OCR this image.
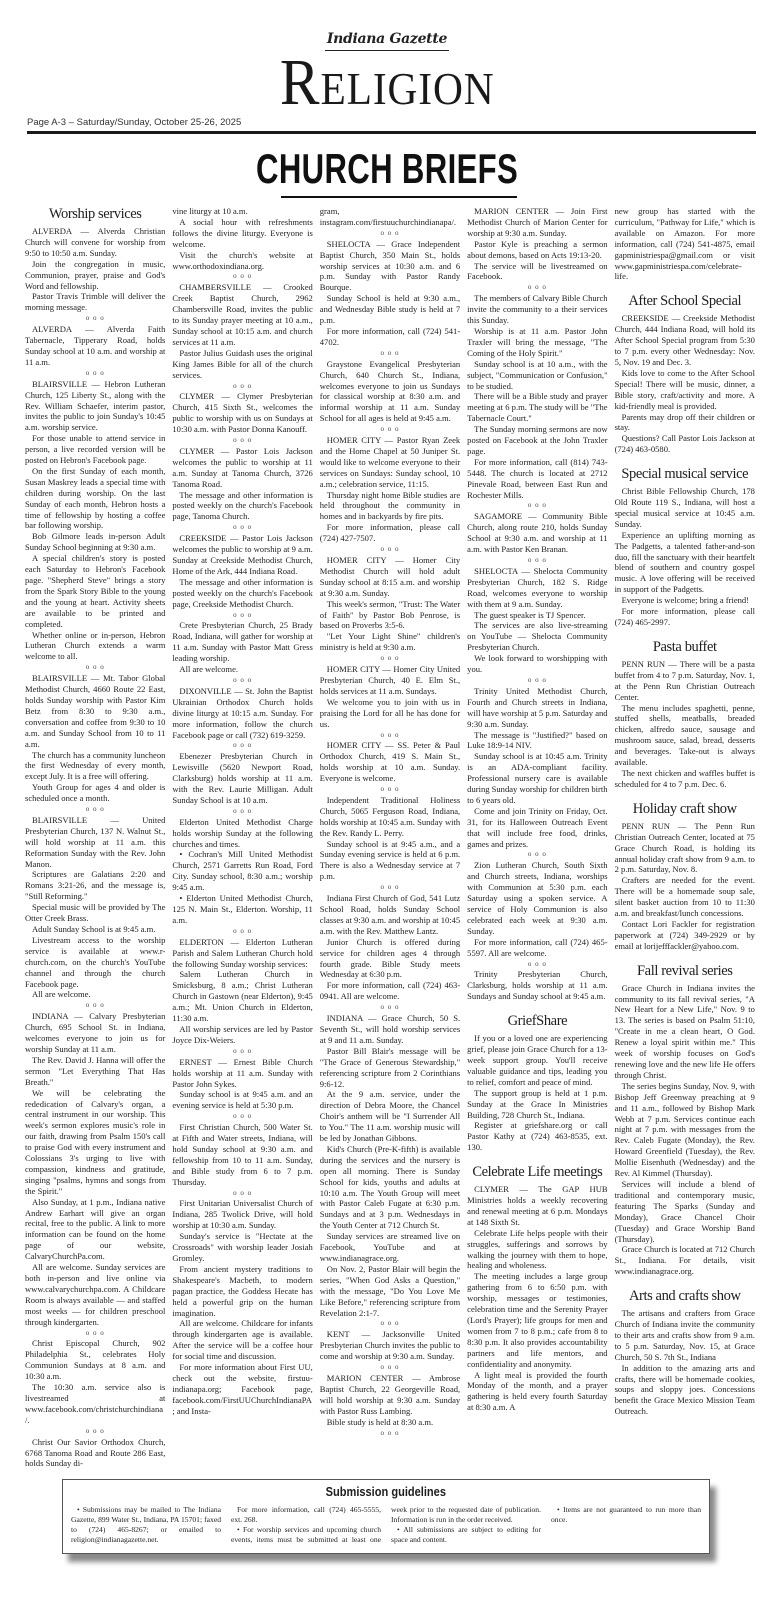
Indiana Gazette
Religion
Page A-3 – Saturday/Sunday, October 25-26, 2025
CHURCH BRIEFS
Worship services

ALVERDA — Alverda Christian Church will convene for worship from 9:50 to 10:50 a.m. Sunday.

Join the congregation in music, Communion, prayer, praise and God's Word and fellowship.

Pastor Travis Trimble will deliver the morning message.

o o o

ALVERDA — Alverda Faith Tabernacle, Tipperary Road, holds Sunday school at 10 a.m. and worship at 11 a.m.

o o o

BLAIRSVILLE — Hebron Lutheran Church, 125 Liberty St., along with the Rev. William Schaefer, interim pastor, invites the public to join Sunday's 10:45 a.m. worship service.

For those unable to attend service in person, a live recorded version will be posted on Hebron's Facebook page.

On the first Sunday of each month, Susan Maskrey leads a special time with children during worship. On the last Sunday of each month, Hebron hosts a time of fellowship by hosting a coffee bar following worship.

Bob Gilmore leads in-person Adult Sunday School beginning at 9:30 a.m.

A special children's story is posted each Saturday to Hebron's Facebook page. "Shepherd Steve" brings a story from the Spark Story Bible to the young and the young at heart. Activity sheets are available to be printed and completed.

Whether online or in-person, Hebron Lutheran Church extends a warm welcome to all.

o o o

BLAIRSVILLE — Mt. Tabor Global Methodist Church, 4660 Route 22 East, holds Sunday worship with Pastor Kim Betz from 8:30 to 9:30 a.m., conversation and coffee from 9:30 to 10 a.m. and Sunday School from 10 to 11 a.m.

The church has a community luncheon the first Wednesday of every month, except July. It is a free will offering.

Youth Group for ages 4 and older is scheduled once a month.

o o o

BLAIRSVILLE — United Presbyterian Church, 137 N. Walnut St., will hold worship at 11 a.m. this Reformation Sunday with the Rev. John Manon.

Scriptures are Galatians 2:20 and Romans 3:21-26, and the message is, "Still Reforming."

Special music will be provided by The Otter Creek Brass.

Adult Sunday School is at 9:45 a.m.

Livestream access to the worship service is available at www.r-church.com, on the church's YouTube channel and through the church Facebook page.

All are welcome.

o o o

INDIANA — Calvary Presbyterian Church, 695 School St. in Indiana, welcomes everyone to join us for worship Sunday at 11 a.m.

The Rev. David J. Hanna will offer the sermon "Let Everything That Has Breath."

We will be celebrating the rededication of Calvary's organ, a central instrument in our worship. This week's sermon explores music's role in our faith, drawing from Psalm 150's call to praise God with every instrument and Colossians 3's urging to live with compassion, kindness and gratitude, singing "psalms, hymns and songs from the Spirit."

Also Sunday, at 1 p.m., Indiana native Andrew Earhart will give an organ recital, free to the public. A link to more information can be found on the home page of our website, CalvaryChurchPa.com.

All are welcome. Sunday services are both in-person and live online via www.calvarychurchpa.com. A Childcare Room is always available — and staffed most weeks — for children preschool through kindergarten.

o o o

Christ Episcopal Church, 902 Philadelphia St., celebrates Holy Communion Sundays at 8 a.m. and 10:30 a.m.

The 10:30 a.m. service also is livestreamed at www.facebook.com/christchurchindiana/.

o o o

Christ Our Savior Orthodox Church, 6768 Tanoma Road and Route 286 East, holds Sunday di-

vine liturgy at 10 a.m.

A social hour with refreshments follows the divine liturgy. Everyone is welcome.

Visit the church's website at www.orthodoxindiana.org.

o o o

CHAMBERSVILLE — Crooked Creek Baptist Church, 2962 Chambersville Road, invites the public to its Sunday prayer meeting at 10 a.m., Sunday school at 10:15 a.m. and church services at 11 a.m.

Pastor Julius Guidash uses the original King James Bible for all of the church services.

o o o

CLYMER — Clymer Presbyterian Church, 415 Sixth St., welcomes the public to worship with us on Sundays at 10:30 a.m. with Pastor Donna Kanouff.

o o o

CLYMER — Pastor Lois Jackson welcomes the public to worship at 11 a.m. Sunday at Tanoma Church, 3726 Tanoma Road.

The message and other information is posted weekly on the church's Facebook page, Tanoma Church.

o o o

CREEKSIDE — Pastor Lois Jackson welcomes the public to worship at 9 a.m. Sunday at Creekside Methodist Church, Home of the Ark, 444 Indiana Road.

The message and other information is posted weekly on the church's Facebook page, Creekside Methodist Church.

o o o

Crete Presbyterian Church, 25 Brady Road, Indiana, will gather for worship at 11 a.m. Sunday with Pastor Matt Gress leading worship.

All are welcome.

o o o

DIXONVILLE — St. John the Baptist Ukrainian Orthodox Church holds divine liturgy at 10:15 a.m. Sunday. For more information, follow the church Facebook page or call (732) 619-3259.

o o o

Ebenezer Presbyterian Church in Lewisville (5620 Newport Road, Clarksburg) holds worship at 11 a.m. with the Rev. Laurie Milligan. Adult Sunday School is at 10 a.m.

o o o

Elderton United Methodist Charge holds worship Sunday at the following churches and times.

• Cochran's Mill United Methodist Church, 2571 Garretts Run Road, Ford City. Sunday school, 8:30 a.m.; worship 9:45 a.m.

• Elderton United Methodist Church, 125 N. Main St., Elderton. Worship, 11 a.m.

o o o

ELDERTON — Elderton Lutheran Parish and Salem Lutheran Church hold the following Sunday worship services:

Salem Lutheran Church in Smicksburg, 8 a.m.; Christ Lutheran Church in Gastown (near Elderton), 9:45 a.m.; Mt. Union Church in Elderton, 11:30 a.m.

All worship services are led by Pastor Joyce Dix-Weiers.

o o o

ERNEST — Ernest Bible Church holds worship at 11 a.m. Sunday with Pastor John Sykes.

Sunday school is at 9:45 a.m. and an evening service is held at 5:30 p.m.

o o o

First Christian Church, 500 Water St. at Fifth and Water streets, Indiana, will hold Sunday school at 9:30 a.m. and fellowship from 10 to 11 a.m. Sunday, and Bible study from 6 to 7 p.m. Thursday.

o o o

First Unitarian Universalist Church of Indiana, 285 Twolick Drive, will hold worship at 10:30 a.m. Sunday.

Sunday's service is "Hectate at the Crossroads" with worship leader Josiah Gromley.

From ancient mystery traditions to Shakespeare's Macbeth, to modern pagan practice, the Goddess Hecate has held a powerful grip on the human imagination.

All are welcome. Childcare for infants through kindergarten age is available. After the service will be a coffee hour for social time and discussion.

For more information about First UU, check out the website, firstuu-indianapa.org; Facebook page, facebook.com/FirstUUChurchIndianaPA; and Insta-

gram, instagram.com/firstuuchurchindianapa/.

o o o

SHELOCTA — Grace Independent Baptist Church, 350 Main St., holds worship services at 10:30 a.m. and 6 p.m. Sunday with Pastor Randy Bourque.

Sunday School is held at 9:30 a.m., and Wednesday Bible study is held at 7 p.m.

For more information, call (724) 541-4702.

o o o

Graystone Evangelical Presbyterian Church, 640 Church St., Indiana, welcomes everyone to join us Sundays for classical worship at 8:30 a.m. and informal worship at 11 a.m. Sunday School for all ages is held at 9:45 a.m.

o o o

HOMER CITY — Pastor Ryan Zeek and the Home Chapel at 50 Juniper St. would like to welcome everyone to their services on Sundays: Sunday school, 10 a.m.; celebration service, 11:15.

Thursday night home Bible studies are held throughout the community in homes and in backyards by fire pits.

For more information, please call (724) 427-7507.

o o o

HOMER CITY — Homer City Methodist Church will hold adult Sunday school at 8:15 a.m. and worship at 9:30 a.m. Sunday.

This week's sermon, "Trust: The Water of Faith" by Pastor Bob Penrose, is based on Proverbs 3:5-6.

"Let Your Light Shine" children's ministry is held at 9:30 a.m.

o o o

HOMER CITY — Homer City United Presbyterian Church, 40 E. Elm St., holds services at 11 a.m. Sundays.

We welcome you to join with us in praising the Lord for all he has done for us.

o o o

HOMER CITY — SS. Peter & Paul Orthodox Church, 419 S. Main St., holds worship at 10 a.m. Sunday. Everyone is welcome.

o o o

Independent Traditional Holiness Church, 5065 Ferguson Road, Indiana, holds worship at 10:45 a.m. Sunday with the Rev. Randy L. Perry.

Sunday school is at 9:45 a.m., and a Sunday evening service is held at 6 p.m. There is also a Wednesday service at 7 p.m.

o o o

Indiana First Church of God, 541 Lutz School Road, holds Sunday School classes at 9:30 a.m. and worship at 10:45 a.m. with the Rev. Matthew Lantz.

Junior Church is offered during service for children ages 4 through fourth grade. Bible Study meets Wednesday at 6:30 p.m.

For more information, call (724) 463-0941. All are welcome.

o o o

INDIANA — Grace Church, 50 S. Seventh St., will hold worship services at 9 and 11 a.m. Sunday.

Pastor Bill Blair's message will be "The Grace of Generous Stewardship," referencing scripture from 2 Corinthians 9:6-12.

At the 9 a.m. service, under the direction of Debra Moore, the Chancel Choir's anthem will be "I Surrender All to You." The 11 a.m. worship music will be led by Jonathan Gibbons.

Kid's Church (Pre-K-fifth) is available during the services and the nursery is open all morning. There is Sunday School for kids, youths and adults at 10:10 a.m. The Youth Group will meet with Pastor Caleb Fugate at 6:30 p.m. Sundays and at 3 p.m. Wednesdays in the Youth Center at 712 Church St.

Sunday services are streamed live on Facebook, YouTube and at www.indianagrace.org.

On Nov. 2, Pastor Blair will begin the series, "When God Asks a Question," with the message, "Do You Love Me Like Before," referencing scripture from Revelation 2:1-7.

o o o

KENT — Jacksonville United Presbyterian Church invites the public to come and worship at 9:30 a.m. Sunday.

o o o

MARION CENTER — Ambrose Baptist Church, 22 Georgeville Road, will hold worship at 9:30 a.m. Sunday with Pastor Russ Lambing.

Bible study is held at 8:30 a.m.

o o o

MARION CENTER — Join First Methodist Church of Marion Center for worship at 9:30 a.m. Sunday.

Pastor Kyle is preaching a sermon about demons, based on Acts 19:13-20.

The service will be livestreamed on Facebook.

o o o

The members of Calvary Bible Church invite the community to a their services this Sunday.

Worship is at 11 a.m. Pastor John Traxler will bring the message, "The Coming of the Holy Spirit."

Sunday school is at 10 a.m., with the subject, "Communication or Confusion," to be studied.

There will be a Bible study and prayer meeting at 6 p.m. The study will be "The Tabernacle Court."

The Sunday morning sermons are now posted on Facebook at the John Traxler page.

For more information, call (814) 743-5448. The church is located at 2712 Pinevale Road, between East Run and Rochester Mills.

o o o

SAGAMORE — Community Bible Church, along route 210, holds Sunday School at 9:30 a.m. and worship at 11 a.m. with Pastor Ken Branan.

o o o

SHELOCTA — Shelocta Community Presbyterian Church, 182 S. Ridge Road, welcomes everyone to worship with them at 9 a.m. Sunday.

The guest speaker is TJ Spencer.

The services are also live-streaming on YouTube — Shelocta Community Presbyterian Church.

We look forward to worshipping with you.

o o o

Trinity United Methodist Church, Fourth and Church streets in Indiana, will have worship at 5 p.m. Saturday and 9:30 a.m. Sunday.

The message is "Justified?" based on Luke 18:9-14 NIV.

Sunday school is at 10:45 a.m. Trinity is an ADA-compliant facility. Professional nursery care is available during Sunday worship for children birth to 6 years old.

Come and join Trinity on Friday, Oct. 31, for its Halloween Outreach Event that will include free food, drinks, games and prizes.

o o o

Zion Lutheran Church, South Sixth and Church streets, Indiana, worships with Communion at 5:30 p.m. each Saturday using a spoken service. A service of Holy Communion is also celebrated each week at 9:30 a.m. Sunday.

For more information, call (724) 465-5597. All are welcome.

o o o

Trinity Presbyterian Church, Clarksburg, holds worship at 11 a.m. Sundays and Sunday school at 9:45 a.m.

GriefShare

If you or a loved one are experiencing grief, please join Grace Church for a 13-week support group. You'll receive valuable guidance and tips, leading you to relief, comfort and peace of mind.

The support group is held at 1 p.m. Sunday at the Grace In Ministries Building, 728 Church St., Indiana.

Register at griefshare.org or call Pastor Kathy at (724) 463-8535, ext. 130.

Celebrate Life meetings

CLYMER — The GAP HUB Ministries holds a weekly recovering and renewal meeting at 6 p.m. Mondays at 148 Sixth St.

Celebrate Life helps people with their struggles, sufferings and sorrows by walking the journey with them to hope, healing and wholeness.

The meeting includes a large group gathering from 6 to 6:50 p.m. with worship, messages or testimonies, celebration time and the Serenity Prayer (Lord's Prayer); life groups for men and women from 7 to 8 p.m.; cafe from 8 to 8:30 p.m. It also provides accountability partners and life mentors, and confidentiality and anonymity.

A light meal is provided the fourth Monday of the month, and a prayer gathering is held every fourth Saturday at 8:30 a.m. A

new group has started with the curriculum, "Pathway for Life," which is available on Amazon. For more information, call (724) 541-4875, email gapministriespa@gmail.com or visit www.gapministriespa.com/celebrate-life.

After School Special

CREEKSIDE — Creekside Methodist Church, 444 Indiana Road, will hold its After School Special program from 5:30 to 7 p.m. every other Wednesday: Nov. 5, Nov. 19 and Dec. 3.

Kids love to come to the After School Special! There will be music, dinner, a Bible story, craft/activity and more. A kid-friendly meal is provided.

Parents may drop off their children or stay.

Questions? Call Pastor Lois Jackson at (724) 463-0580.

Special musical service

Christ Bible Fellowship Church, 178 Old Route 119 S., Indiana, will host a special musical service at 10:45 a.m. Sunday.

Experience an uplifting morning as The Padgetts, a talented father-and-son duo, fill the sanctuary with their heartfelt blend of southern and country gospel music. A love offering will be received in support of the Padgetts.

Everyone is welcome; bring a friend!

For more information, please call (724) 465-2997.

Pasta buffet

PENN RUN — There will be a pasta buffet from 4 to 7 p.m. Saturday, Nov. 1, at the Penn Run Christian Outreach Center.

The menu includes spaghetti, penne, stuffed shells, meatballs, breaded chicken, alfredo sauce, sausage and mushroom sauce, salad, bread, desserts and beverages. Take-out is always available.

The next chicken and waffles buffet is scheduled for 4 to 7 p.m. Dec. 6.

Holiday craft show

PENN RUN — The Penn Run Christian Outreach Center, located at 75 Grace Church Road, is holding its annual holiday craft show from 9 a.m. to 2 p.m. Saturday, Nov. 8.

Crafters are needed for the event. There will be a homemade soup sale, silent basket auction from 10 to 11:30 a.m. and breakfast/lunch concessions.

Contact Lori Fackler for registration paperwork at (724) 349-2929 or by email at lorijefffackler@yahoo.com.

Fall revival series

Grace Church in Indiana invites the community to its fall revival series, "A New Heart for a New Life," Nov. 9 to 13. The series is based on Psalm 51:10, "Create in me a clean heart, O God. Renew a loyal spirit within me." This week of worship focuses on God's renewing love and the new life He offers through Christ.

The series begins Sunday, Nov. 9, with Bishop Jeff Greenway preaching at 9 and 11 a.m., followed by Bishop Mark Webb at 7 p.m. Services continue each night at 7 p.m. with messages from the Rev. Caleb Fugate (Monday), the Rev. Howard Greenfield (Tuesday), the Rev. Mollie Eisenhuth (Wednesday) and the Rev. Al Kimmel (Thursday).

Services will include a blend of traditional and contemporary music, featuring The Sparks (Sunday and Monday), Grace Chancel Choir (Tuesday) and Grace Worship Band (Thursday).

Grace Church is located at 712 Church St., Indiana. For details, visit www.indianagrace.org.

Arts and crafts show

The artisans and crafters from Grace Church of Indiana invite the community to their arts and crafts show from 9 a.m. to 5 p.m. Saturday, Nov. 15, at Grace Church, 50 S. 7th St., Indiana

In addition to the amazing arts and crafts, there will be homemade cookies, soups and sloppy joes. Concessions benefit the Grace Mexico Mission Team Outreach.

Submission guidelines

• Submissions may be mailed to The Indiana Gazette, 899 Water St., Indiana, PA 15701; faxed to (724) 465-8267; or emailed to religion@indianagazette.net.

For more information, call (724) 465-5555, ext. 268.

• For worship services and upcoming church events, items must be submitted at least one week prior to the requested date of publication. Information is run in the order received.

• All submissions are subject to editing for space and content.

• Items are not guaranteed to run more than once.
